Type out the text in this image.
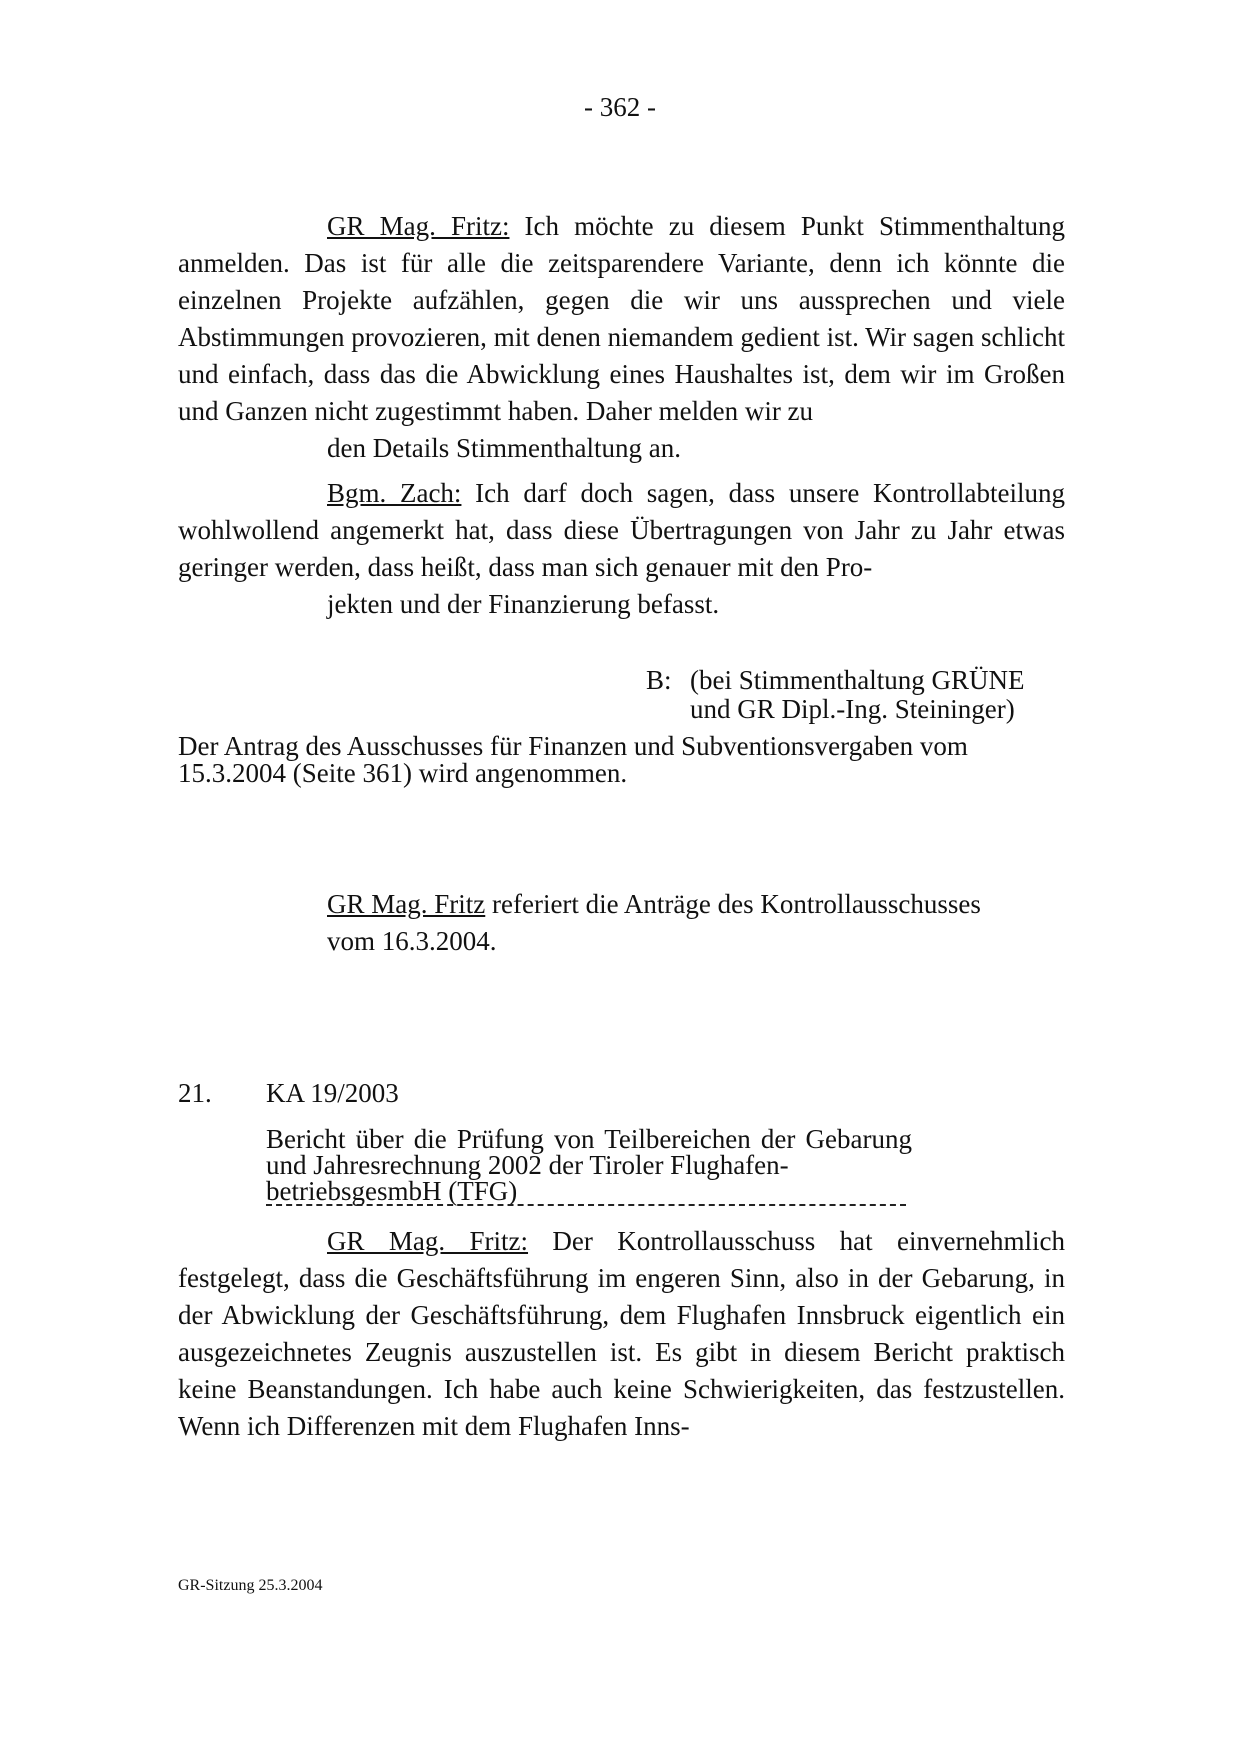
- 362 -

GR Mag. Fritz: Ich möchte zu diesem Punkt Stimmenthaltung anmelden. Das ist für alle die zeitsparendere Variante, denn ich könnte die einzelnen Projekte aufzählen, gegen die wir uns aussprechen und viele Abstimmungen provozieren, mit denen niemandem gedient ist. Wir sagen schlicht und einfach, dass das die Abwicklung eines Haushaltes ist, dem wir im Großen und Ganzen nicht zugestimmt haben. Daher melden wir zu
den Details Stimmenthaltung an.

Bgm. Zach: Ich darf doch sagen, dass unsere Kontrollabteilung wohlwollend angemerkt hat, dass diese Übertragungen von Jahr zu Jahr etwas geringer werden, dass heißt, dass man sich genauer mit den Pro-
jekten und der Finanzierung befasst.

B: (bei Stimmenthaltung GRÜNE
und GR Dipl.-Ing. Steininger)
Der Antrag des Ausschusses für Finanzen und Subventionsvergaben vom
15.3.2004 (Seite 361) wird angenommen.

GR Mag. Fritz referiert die Anträge des Kontrollausschusses
vom 16.3.2004.

21. KA 19/2003
Bericht über die Prüfung von Teilbereichen der Gebarung und Jahresrechnung 2002 der Tiroler Flughafen-
betriebsgesmbH (TFG)

GR Mag. Fritz: Der Kontrollausschuss hat einvernehmlich festgelegt, dass die Geschäftsführung im engeren Sinn, also in der Gebarung, in der Abwicklung der Geschäftsführung, dem Flughafen Innsbruck eigentlich ein ausgezeichnetes Zeugnis auszustellen ist. Es gibt in diesem Bericht praktisch keine Beanstandungen. Ich habe auch keine Schwierigkeiten, das festzustellen. Wenn ich Differenzen mit dem Flughafen Inns-

GR-Sitzung 25.3.2004
